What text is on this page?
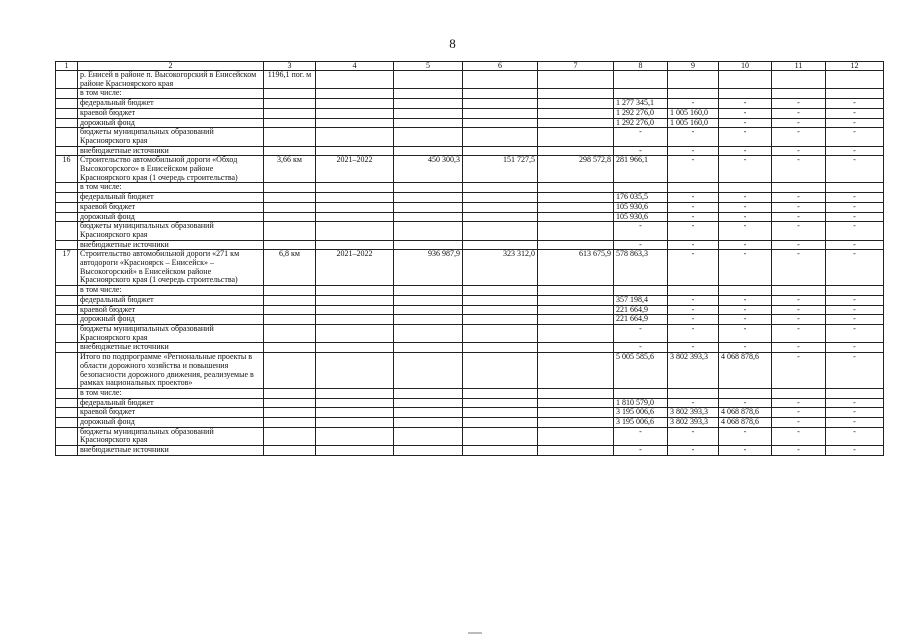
8
1	2	3	4	5	6	7	8	9	10	11	12
	р. Енисей в районе п. Высокогорский в Енисейском районе Красноярского края	1196,1 пог. м									
	в том числе:										
	федеральный бюджет						1 277 345,1	-	-	-	-
	краевой бюджет						1 292 276,0	1 005 160,0	-	-	-
	дорожный фонд						1 292 276,0	1 005 160,0	-	-	-
	бюджеты муниципальных образований Красноярского края						-	-	-	-	-
	внебюджетные источники						-	-	-	-	-
16	Строительство автомобильной дороги «Обход Высокогорского» в Енисейском районе Красноярского края (1 очередь строительства)	3,66 км	2021–2022	450 300,3	151 727,5	298 572,8	281 966,1	-	-	-	-
	в том числе:										
	федеральный бюджет						176 035,5	-	-	-	-
	краевой бюджет						105 930,6	-	-	-	-
	дорожный фонд						105 930,6	-	-	-	-
	бюджеты муниципальных образований Красноярского края						-	-	-	-	-
	внебюджетные источники						-	-	-	-	-
17	Строительство автомобильной дороги «271 км автодороги «Красноярск – Енисейск» – Высокогорский» в Енисейском районе Красноярского края (1 очередь строительства)	6,8 км	2021–2022	936 987,9	323 312,0	613 675,9	578 863,3	-	-	-	-
	в том числе:										
	федеральный бюджет						357 198,4	-	-	-	-
	краевой бюджет						221 664,9	-	-	-	-
	дорожный фонд						221 664,9	-	-	-	-
	бюджеты муниципальных образований Красноярского края						-	-	-	-	-
	внебюджетные источники						-	-	-	-	-
	Итого по подпрограмме «Региональные проекты в области дорожного хозяйства и повышения безопасности дорожного движения, реализуемые в рамках национальных проектов»						5 005 585,6	3 802 393,3	4 068 878,6	-	-
	в том числе:										
	федеральный бюджет						1 810 579,0	-	-	-	-
	краевой бюджет						3 195 006,6	3 802 393,3	4 068 878,6	-	-
	дорожный фонд						3 195 006,6	3 802 393,3	4 068 878,6	-	-
	бюджеты муниципальных образований Красноярского края						-	-	-	-	-
	внебюджетные источники						-	-	-	-	-
